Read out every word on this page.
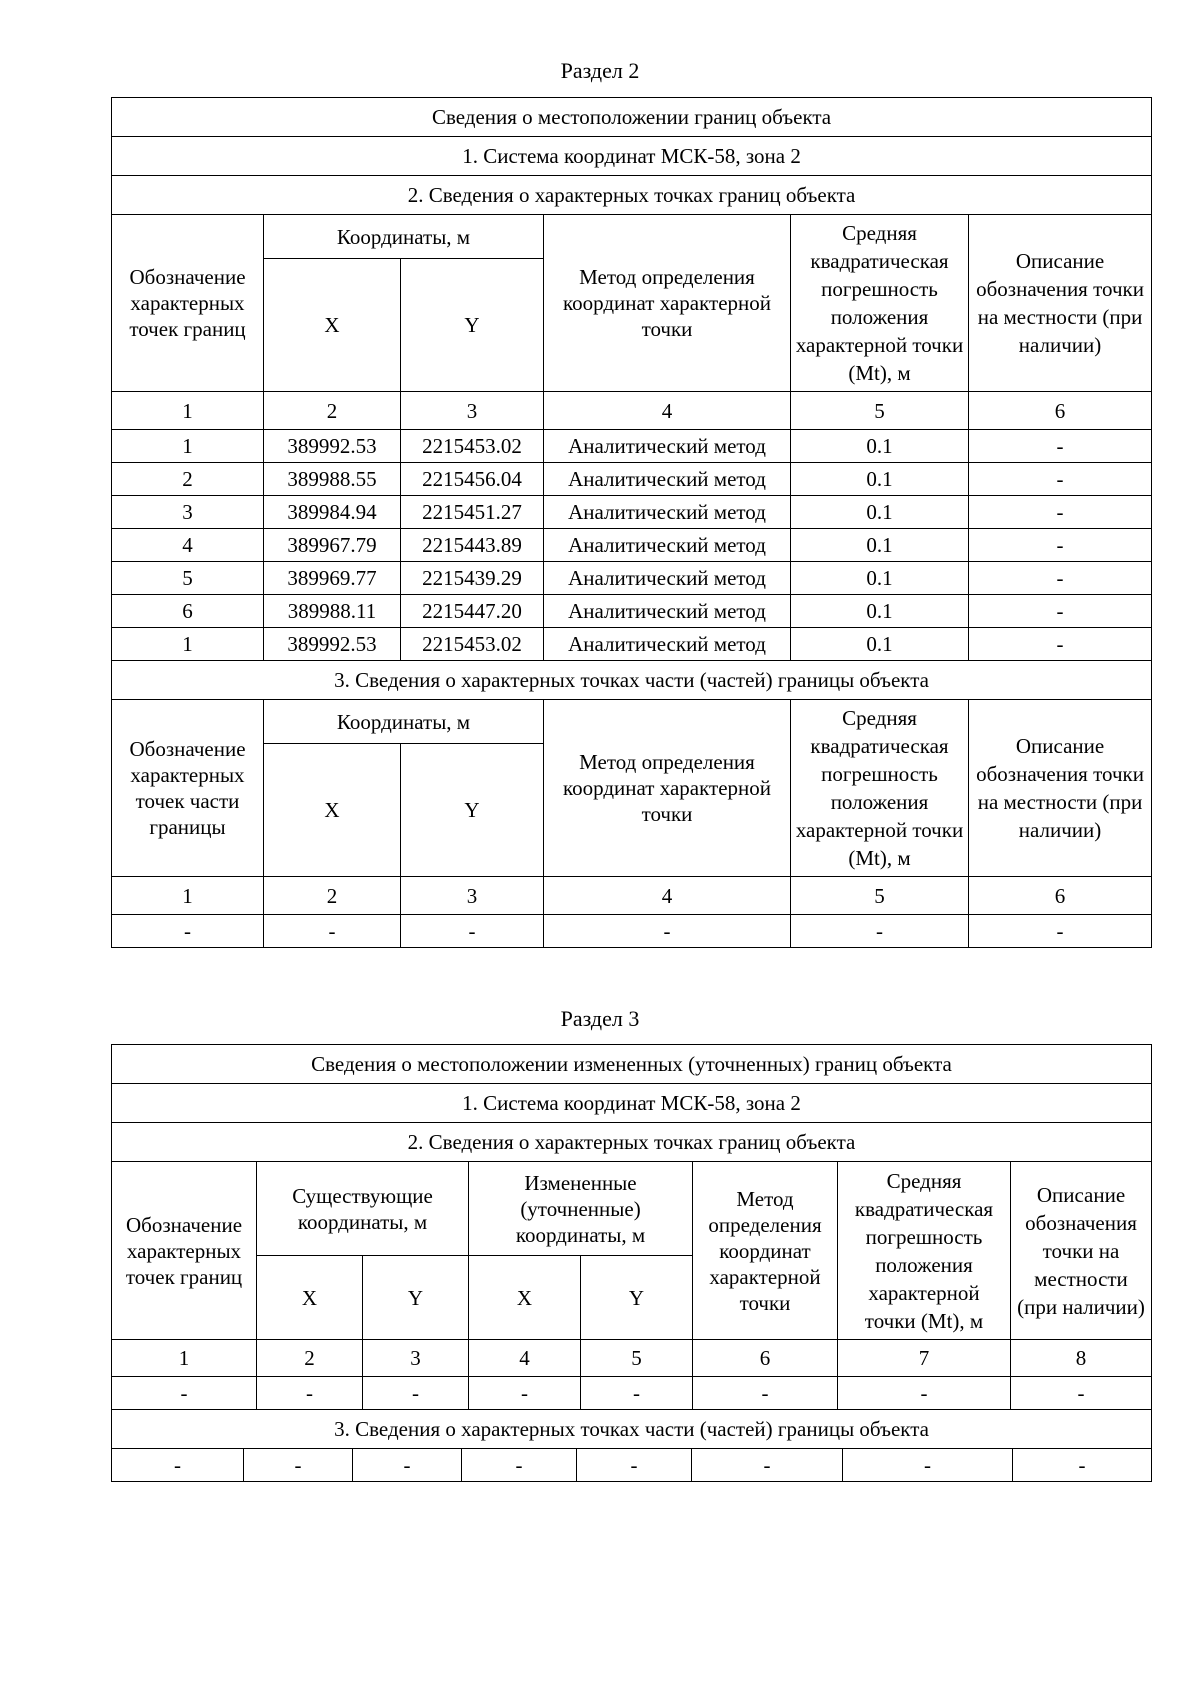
Раздел 2
Сведения о местоположении границ объекта					
1. Система координат МСК-58, зона 2					
2. Сведения о характерных точках границ объекта					
Обозначение характерных точек границ	Координаты, м		Метод определения координат характерной точки	Средняя квадратическая погрешность положения характерной точки (Mt), м	Описание обозначения точки на местности (при наличии)
	X	Y			
1	2	3	4	5	6
1	389992.53	2215453.02	Аналитический метод	0.1	-
2	389988.55	2215456.04	Аналитический метод	0.1	-
3	389984.94	2215451.27	Аналитический метод	0.1	-
4	389967.79	2215443.89	Аналитический метод	0.1	-
5	389969.77	2215439.29	Аналитический метод	0.1	-
6	389988.11	2215447.20	Аналитический метод	0.1	-
1	389992.53	2215453.02	Аналитический метод	0.1	-
3. Сведения о характерных точках части (частей) границы объекта					
Обозначение характерных точек части границы	Координаты, м		Метод определения координат характерной точки	Средняя квадратическая погрешность положения характерной точки (Mt), м	Описание обозначения точки на местности (при наличии)
	X	Y			
1	2	3	4	5	6
-	-	-	-	-	-
Раздел 3
Сведения о местоположении измененных (уточненных) границ объекта							
1. Система координат МСК-58, зона 2							
2. Сведения о характерных точках границ объекта							
Обозначение характерных точек границ	Существующие координаты, м		Измененные (уточненные) координаты, м		Метод определения координат характерной точки	Средняя квадратическая погрешность положения характерной точки (Mt), м	Описание обозначения точки на местности (при наличии)
	X	Y	X	Y			
1	2	3	4	5	6	7	8
-	-	-	-	-	-	-	-
3. Сведения о характерных точках части (частей) границы объекта
-	-	-	-	-	-	-	-
